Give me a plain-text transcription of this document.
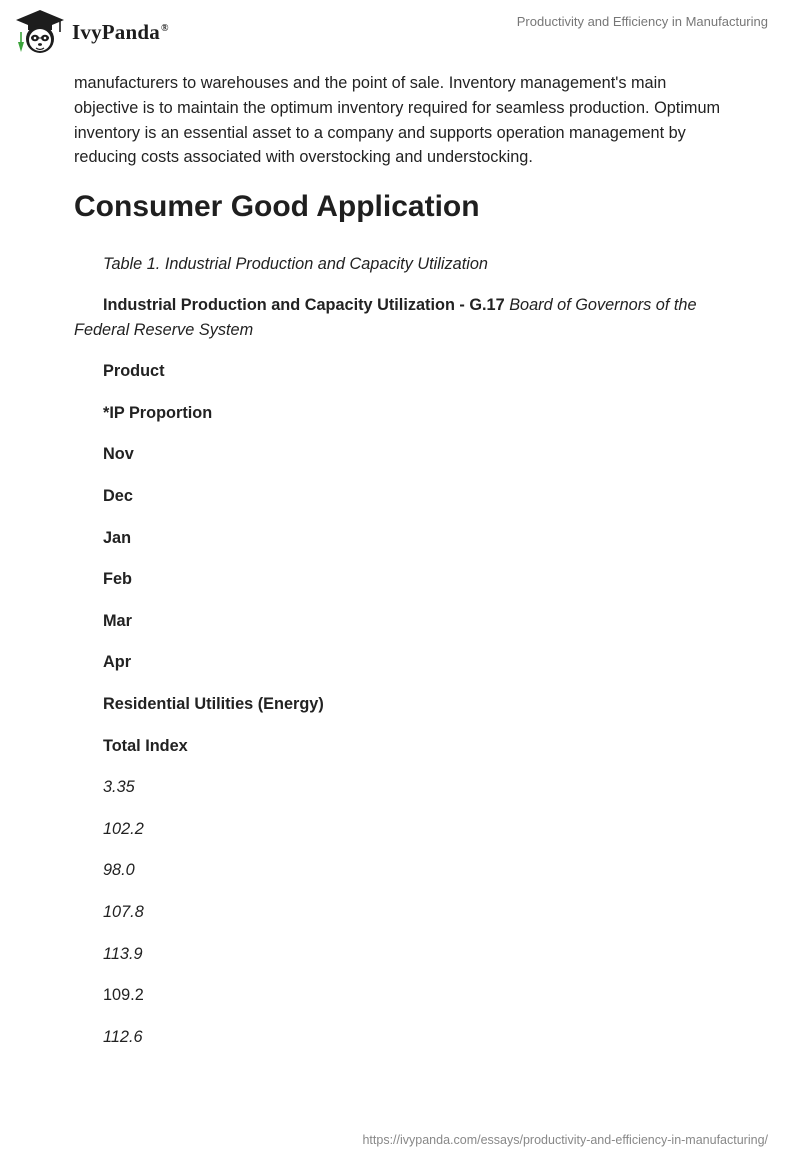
IvyPanda®	Productivity and Efficiency in Manufacturing

manufacturers to warehouses and the point of sale. Inventory management's main objective is to maintain the optimum inventory required for seamless production. Optimum inventory is an essential asset to a company and supports operation management by reducing costs associated with overstocking and understocking.

Consumer Good Application
Table 1. Industrial Production and Capacity Utilization
Industrial Production and Capacity Utilization - G.17 Board of Governors of the Federal Reserve System
Product
*IP Proportion
Nov
Dec
Jan
Feb
Mar
Apr
Residential Utilities (Energy)
Total Index
3.35
102.2
98.0
107.8
113.9
109.2
112.6
https://ivypanda.com/essays/productivity-and-efficiency-in-manufacturing/
